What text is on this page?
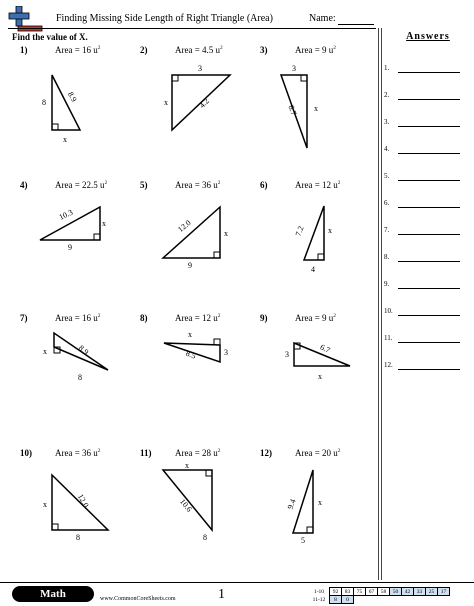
Finding Missing Side Length of Right Triangle (Area)	Name:
Find the value of X.
1)	Area = 16 $u^2$	2)	Area = 4.5 $u^2$	3)	Area = 9 $u^2$
4)	Area = 22.5 $u^2$	5)	Area = 36 $u^2$	6)	Area = 12 $u^2$
7)	Area = 16 $u^2$	8)	Area = 12 $u^2$	9)	Area = 9 $u^2$
10)	Area = 36 $u^2$	11)	Area = 28 $u^2$	12)	Area = 20 $u^2$
8 8.9
x
3
x	4.2
3
6.7 x
10.3
x
9
12.0	x
9
7.2	x
4
x	8.9
8
x
8.5	3	3	6.7
x
x	12.0
8
x
10.6
8
9.4	x
5
Answers
1.
2.
3.
4.
5.
6.
7.
8.
9.
10.
11.
12.
Math	www.CommonCoreSheets.com	1	1-10	92	83	75	67	58	50	42	33	25	17
11-12	8	0								
